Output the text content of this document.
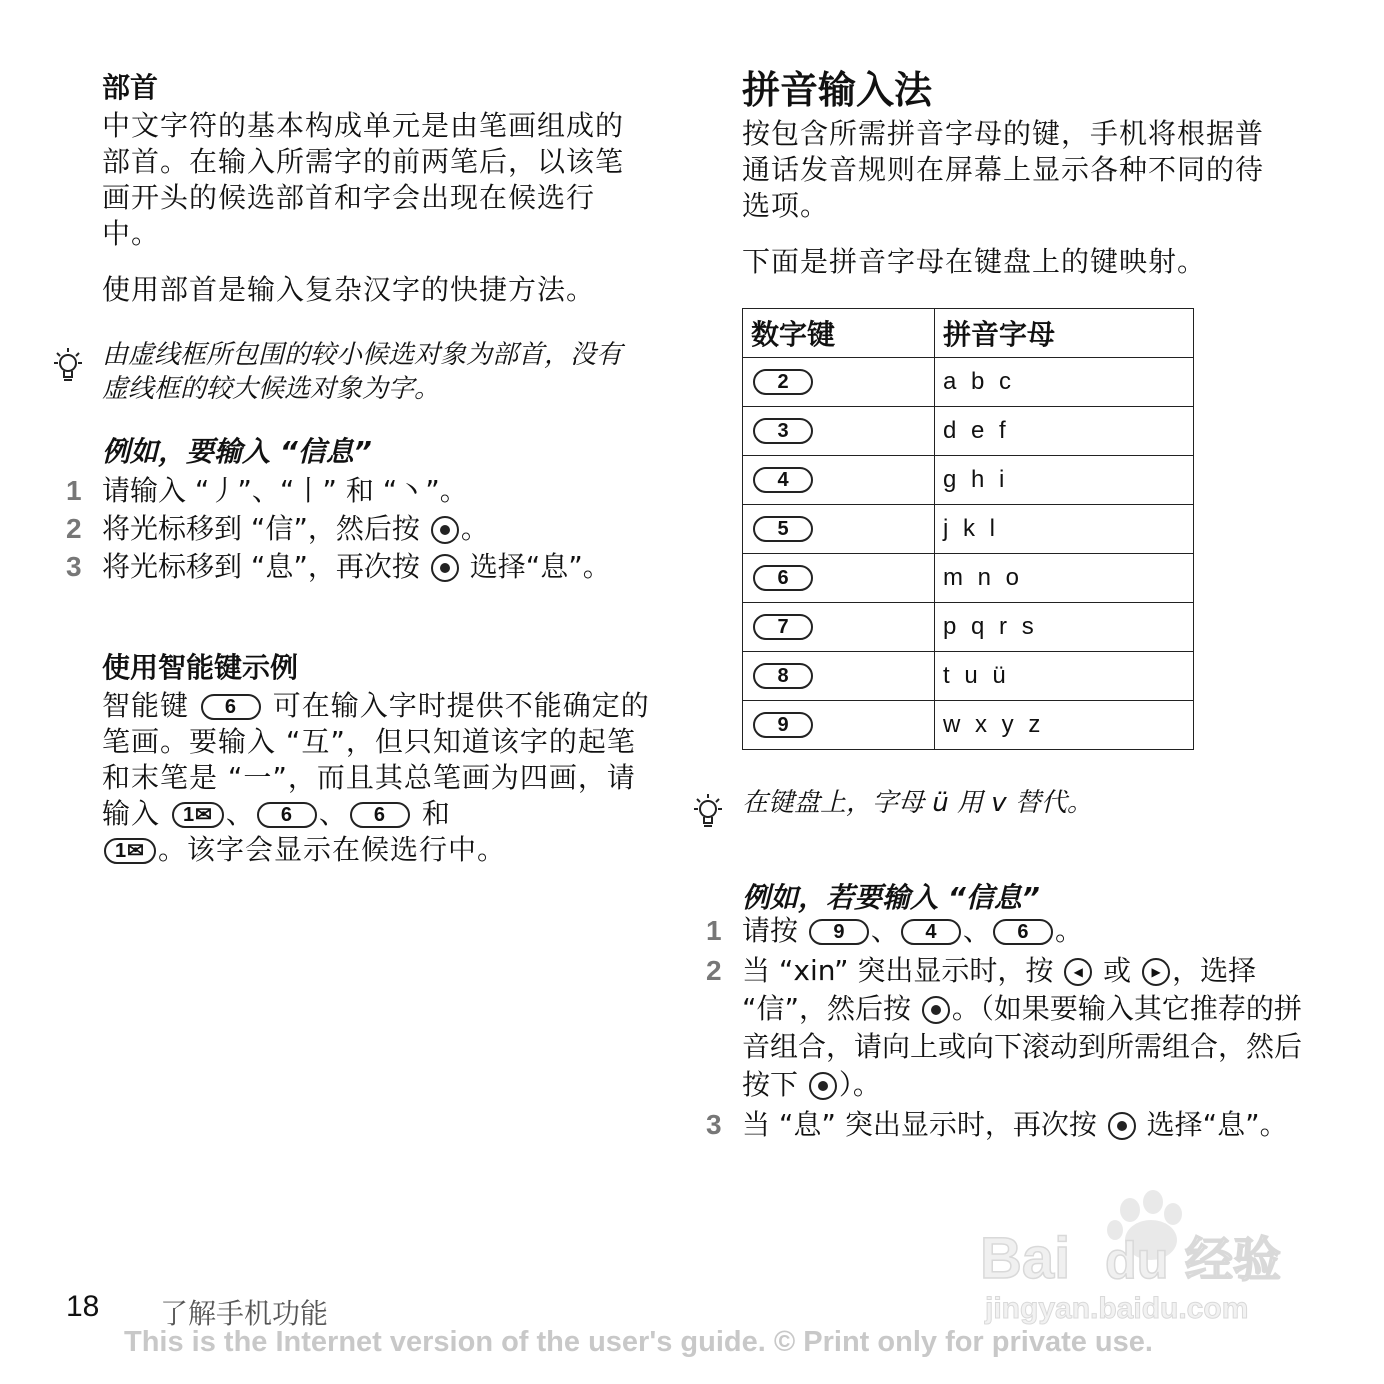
部首
中文字符的基本构成单元是由笔画组成的部首。在输入所需字的前两笔后，以该笔画开头的候选部首和字会出现在候选行中。
使用部首是输入复杂汉字的快捷方法。
由虚线框所包围的较小候选对象为部首，没有虚线框的较大候选对象为字。
例如，要输入 “信息”
1 请输入 “丿”、“丨” 和 “丶”。
2 将光标移到 “信”，然后按
。
3 将光标移到 “息”，再次按
选择“息”。
使用智能键示例
智能键 6 可在输入字时提供不能确定的笔画。要输入 “互”，但只知道该字的起笔和末笔是 “一”，而且其总笔画为四画，请输入 1✉ 、 6 、 6 和
1✉ 。该字会显示在候选行中。
拼音输入法
按包含所需拼音字母的键，手机将根据普通话发音规则在屏幕上显示各种不同的待选项。
下面是拼音字母在键盘上的键映射。
数字键	拼音字母
2	a b c
3	d e f
4	g h i
5	j k l
6	m n o
7	p q r s
8	t u ü
9	w x y z
在键盘上，字母 ü 用 v 替代。
例如，若要输入 “信息”
1 请按 9 、 4 、 6 。
2 当 “xin” 突出显示时，按 ◀ 或 ▶ ，选择 “信”，然后按
。（如果要输入其它推荐的拼音组合，请向上或向下滚动到所需组合，然后按下
）。
3 当 “息” 突出显示时，再次按
选择“息”。
Bai du 经验
jingyan.baidu.com
18 了解手机功能
This is the Internet version of the user's guide. © Print only for private use.
